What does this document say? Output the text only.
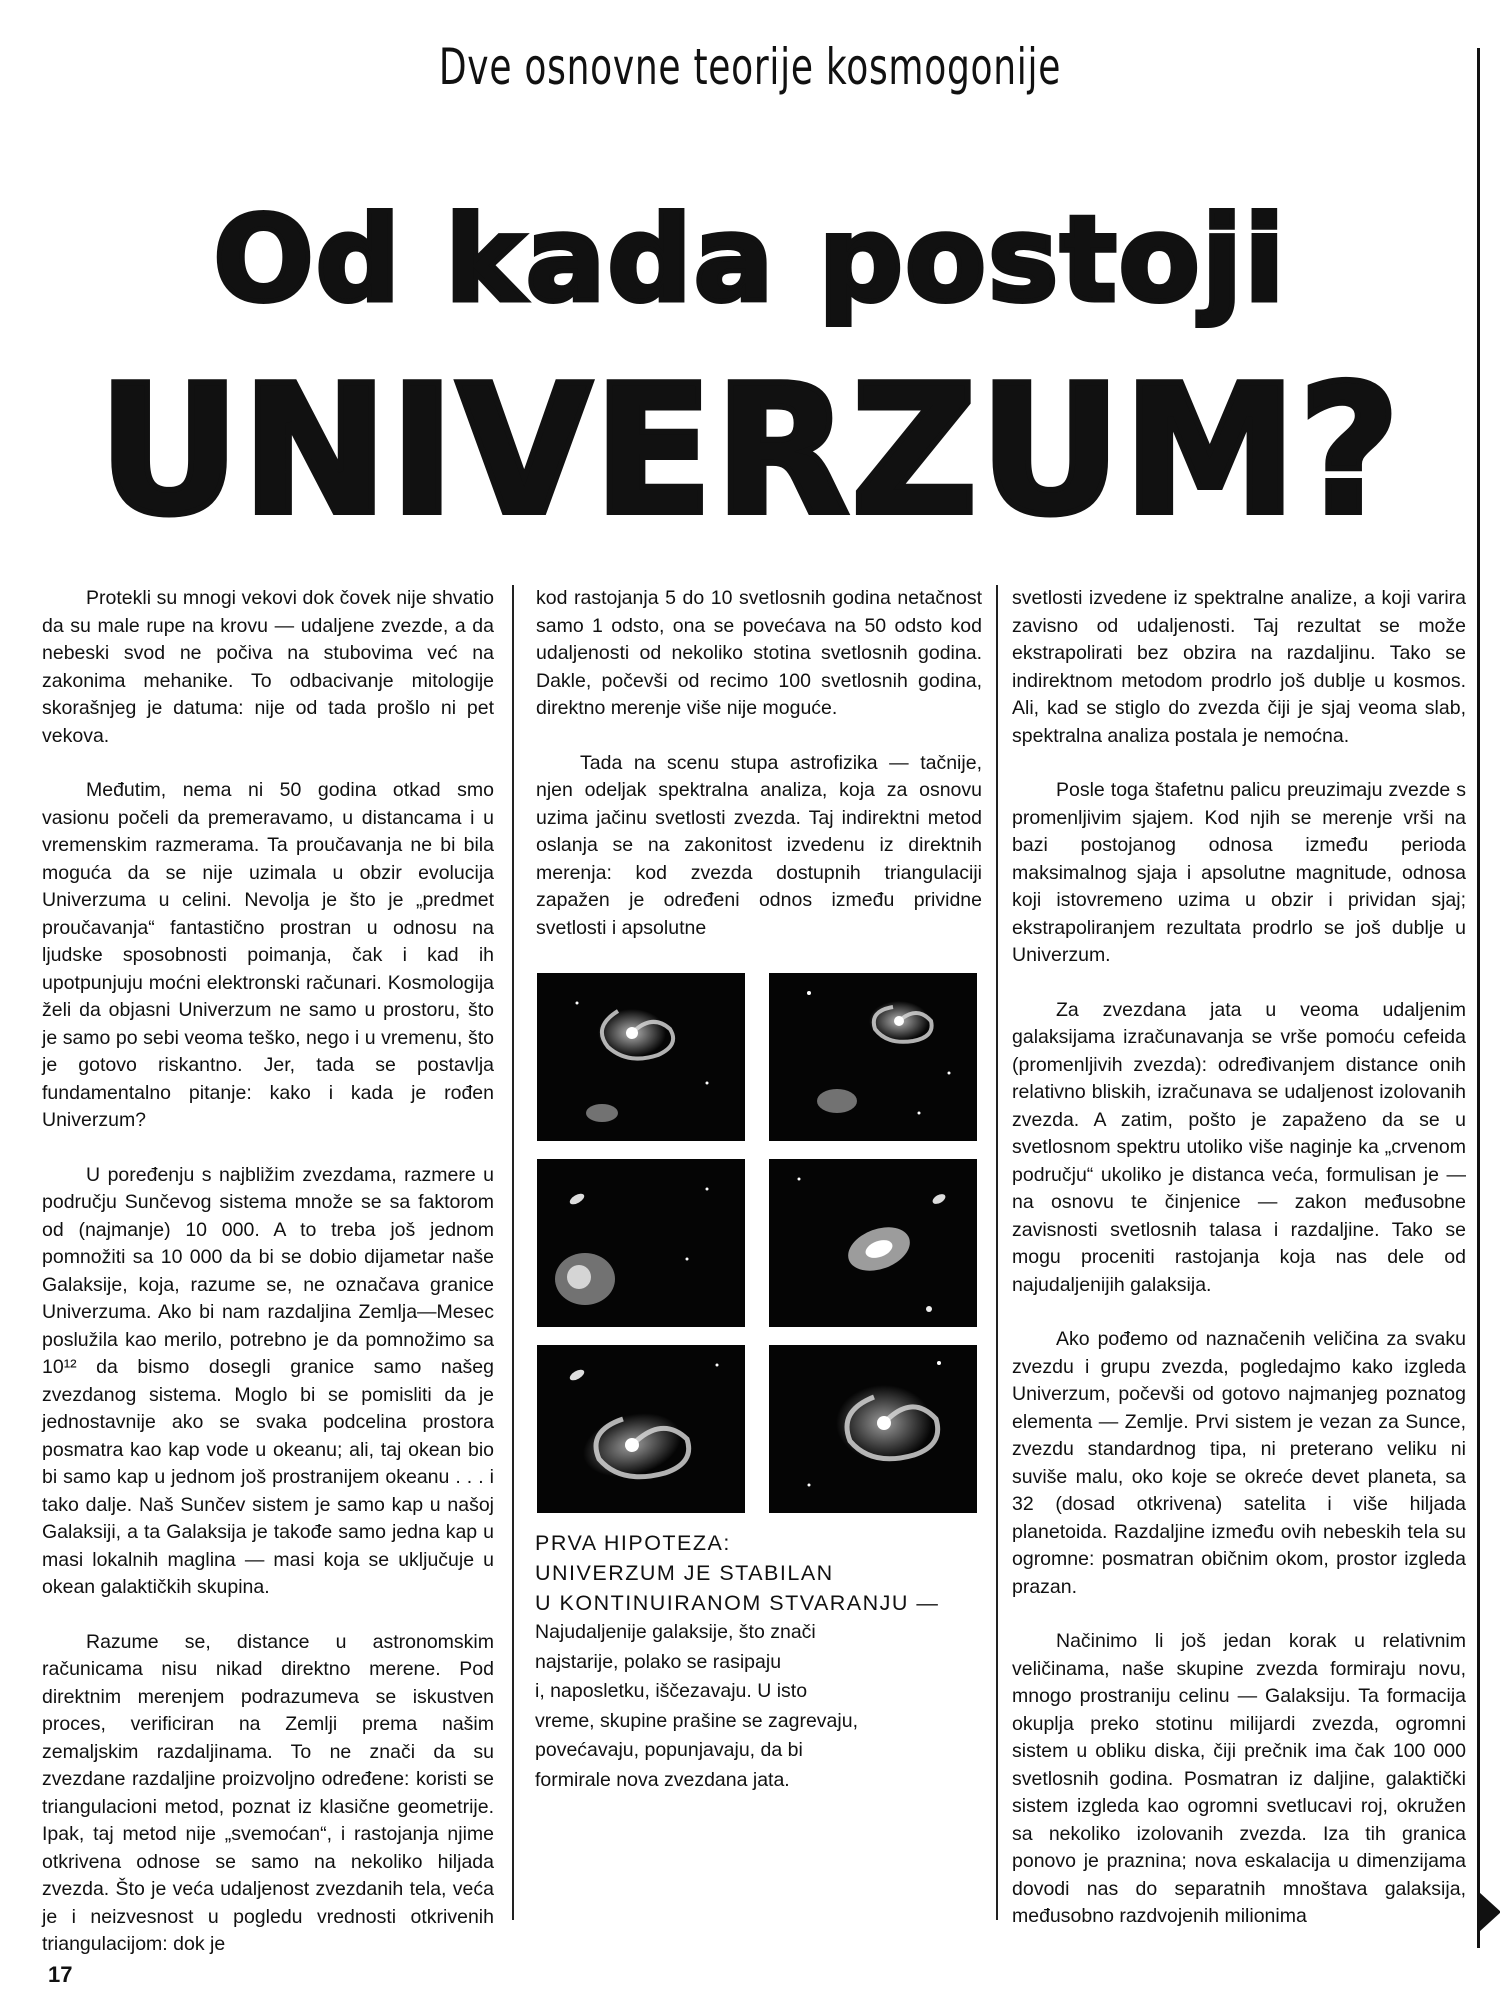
Dve osnovne teorije kosmogonije
Od kada postoji
UNIVERZUM?

Protekli su mnogi vekovi dok čovek nije shvatio da su male rupe na krovu — udaljene zvezde, a da nebeski svod ne počiva na stubovima već na zakonima mehanike. To odbacivanje mitologije skorašnjeg je datuma: nije od tada prošlo ni pet vekova.

Međutim, nema ni 50 godina otkad smo vasionu počeli da premeravamo, u distancama i u vremenskim razmerama. Ta proučavanja ne bi bila moguća da se nije uzimala u obzir evolucija Univerzuma u celini. Nevolja je što je „predmet proučavanja“ fantastično prostran u odnosu na ljudske sposobnosti poimanja, čak i kad ih upotpunjuju moćni elektronski računari. Kosmologija želi da objasni Univerzum ne samo u prostoru, što je samo po sebi veoma teško, nego i u vremenu, što je gotovo riskantno. Jer, tada se postavlja fundamentalno pitanje: kako i kada je rođen Univerzum?

U poređenju s najbližim zvezdama, razmere u području Sunčevog sistema množe se sa faktorom od (najmanje) 10 000. A to treba još jednom pomnožiti sa 10 000 da bi se dobio dijametar naše Galaksije, koja, razume se, ne označava granice Univerzuma. Ako bi nam razdaljina Zemlja—Mesec poslužila kao merilo, potrebno je da pomnožimo sa 10¹² da bismo dosegli granice samo našeg zvezdanog sistema. Moglo bi se pomisliti da je jednostavnije ako se svaka podcelina prostora posmatra kao kap vode u okeanu; ali, taj okean bio bi samo kap u jednom još prostranijem okeanu . . . i tako dalje. Naš Sunčev sistem je samo kap u našoj Galaksiji, a ta Galaksija je takođe samo jedna kap u masi lokalnih maglina — masi koja se uključuje u okean galaktičkih skupina.

Razume se, distance u astronomskim računicama nisu nikad direktno merene. Pod direktnim merenjem podrazumeva se iskustven proces, verificiran na Zemlji prema našim zemaljskim razdaljinama. To ne znači da su zvezdane razdaljine proizvoljno određene: koristi se triangulacioni metod, poznat iz klasične geometrije. Ipak, taj metod nije „svemoćan“, i rastojanja njime otkrivena odnose se samo na nekoliko hiljada zvezda. Što je veća udaljenost zvezdanih tela, veća je i neizvesnost u pogledu vrednosti otkrivenih triangulacijom: dok je

kod rastojanja 5 do 10 svetlosnih godina netačnost samo 1 odsto, ona se povećava na 50 odsto kod udaljenosti od nekoliko stotina svetlosnih godina. Dakle, počevši od recimo 100 svetlosnih godina, direktno merenje više nije moguće.

Tada na scenu stupa astrofizika — tačnije, njen odeljak spektralna analiza, koja za osnovu uzima jačinu svetlosti zvezda. Taj indirektni metod oslanja se na zakonitost izvedenu iz direktnih merenja: kod zvezda dostupnih triangulaciji zapažen je određeni odnos između prividne svetlosti i apsolutne

svetlosti izvedene iz spektralne analize, a koji varira zavisno od udaljenosti. Taj rezultat se može ekstrapolirati bez obzira na razdaljinu. Tako se indirektnom metodom prodrlo još dublje u kosmos. Ali, kad se stiglo do zvezda čiji je sjaj veoma slab, spektralna analiza postala je nemoćna.

Posle toga štafetnu palicu preuzimaju zvezde s promenljivim sjajem. Kod njih se merenje vrši na bazi postojanog odnosa između perioda maksimalnog sjaja i apsolutne magnitude, odnosa koji istovremeno uzima u obzir i prividan sjaj; ekstrapoliranjem rezultata prodrlo se još dublje u Univerzum.

Za zvezdana jata u veoma udaljenim galaksijama izračunavanja se vrše pomoću cefeida (promenljivih zvezda): određivanjem distance onih relativno bliskih, izračunava se udaljenost izolovanih zvezda. A zatim, pošto je zapaženo da se u svetlosnom spektru utoliko više naginje ka „crvenom području“ ukoliko je distanca veća, formulisan je — na osnovu te činjenice — zakon međusobne zavisnosti svetlosnih talasa i razdaljine. Tako se mogu proceniti rastojanja koja nas dele od najudaljenijih galaksija.

Ako pođemo od naznačenih veličina za svaku zvezdu i grupu zvezda, pogledajmo kako izgleda Univerzum, počevši od gotovo najmanjeg poznatog elementa — Zemlje. Prvi sistem je vezan za Sunce, zvezdu standardnog tipa, ni preterano veliku ni suviše malu, oko koje se okreće devet planeta, sa 32 (dosad otkrivena) satelita i više hiljada planetoida. Razdaljine između ovih nebeskih tela su ogromne: posmatran običnim okom, prostor izgleda prazan.

Načinimo li još jedan korak u relativnim veličinama, naše skupine zvezda formiraju novu, mnogo prostraniju celinu — Galaksiju. Ta formacija okuplja preko stotinu milijardi zvezda, ogromni sistem u obliku diska, čiji prečnik ima čak 100 000 svetlosnih godina. Posmatran iz daljine, galaktički sistem izgleda kao ogromni svetlucavi roj, okružen sa nekoliko izolovanih zvezda. Iza tih granica ponovo je praznina; nova eskalacija u dimenzijama dovodi nas do separatnih mnoštava galaksija, međusobno razdvojenih milionima

PRVA HIPOTEZA:
UNIVERZUM JE STABILAN
U KONTINUIRANOM STVARANJU —
Najudaljenije galaksije, što znači
najstarije, polako se rasipaju
i, naposletku, iščezavaju. U isto
vreme, skupine prašine se zagrevaju,
povećavaju, popunjavaju, da bi
formirale nova zvezdana jata.
17
